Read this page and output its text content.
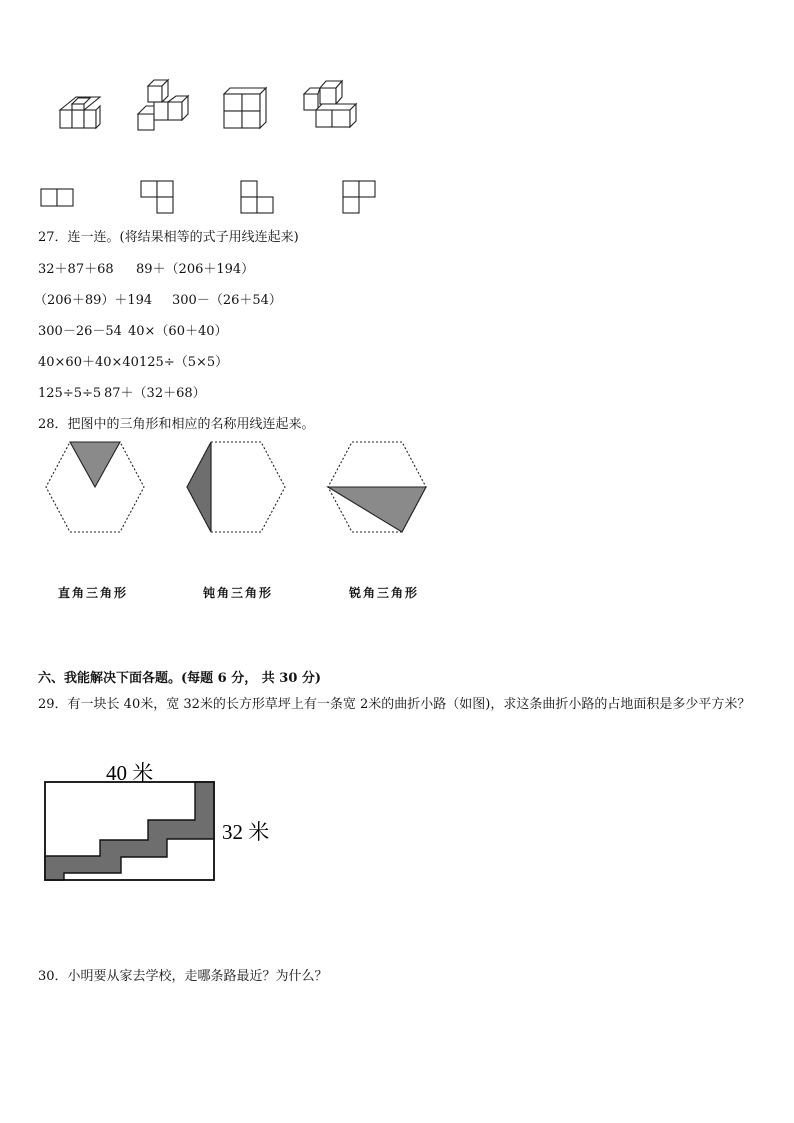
27．连一连。(将结果相等的式子用线连起来)
32＋87＋68 89＋（206＋194）
（206＋89）＋194 300－（26＋54）
300－26－54 40×（60＋40）
40×60＋40×40 125÷（5×5）
125÷5÷5 87＋（32＋68）
28．把图中的三角形和相应的名称用线连起来。
直角三角形	钝角三角形	锐角三角形
六、我能解决下面各题。(每题 6 分， 共 30 分)
29．有一块长 40米，宽 32米的长方形草坪上有一条宽 2米的曲折小路（如图)，求这条曲折小路的占地面积是多少平方米？
40 米
32 米
30．小明要从家去学校，走哪条路最近？为什么？
